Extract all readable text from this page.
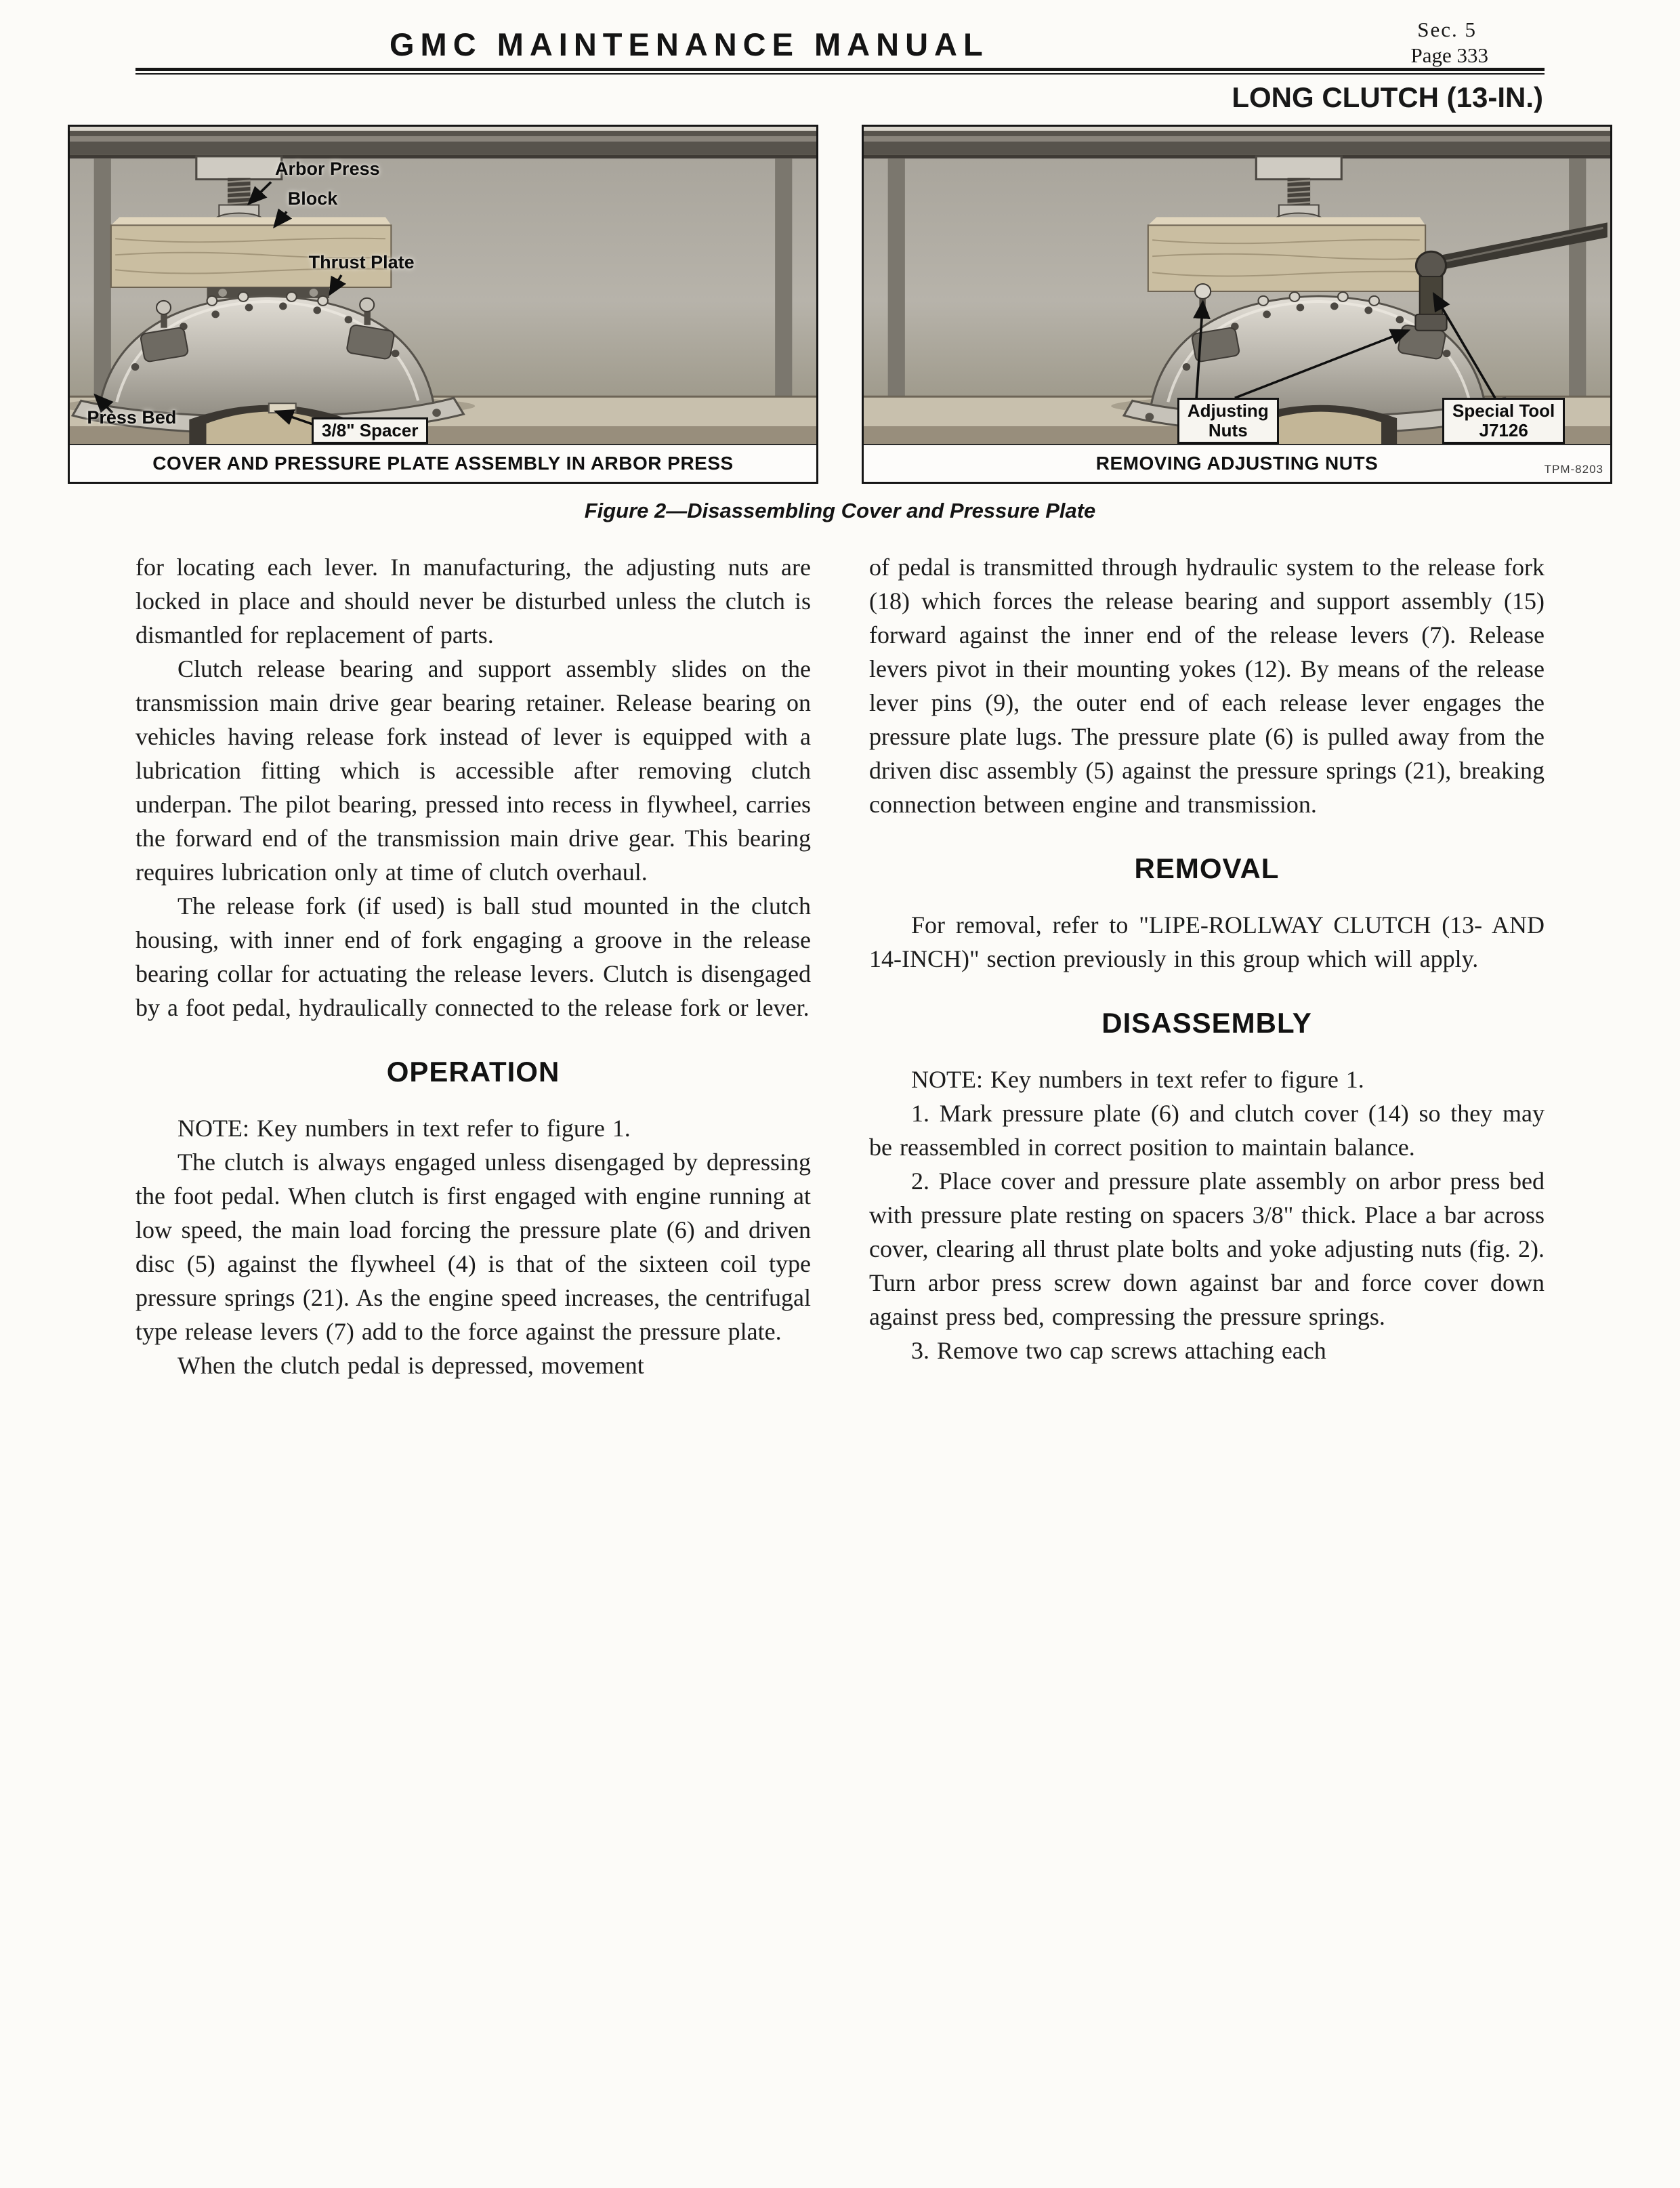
GMC MAINTENANCE MANUAL	Sec. 5
Page 333
LONG CLUTCH (13-IN.)
Arbor Press
Block
Thrust Plate
Press Bed
3/8" Spacer
COVER AND PRESSURE PLATE ASSEMBLY IN ARBOR PRESS
Adjusting
Nuts
Special Tool
J7126
REMOVING ADJUSTING NUTS	TPM-8203
Figure 2—Disassembling Cover and Pressure Plate

for locating each lever. In manufacturing, the adjusting nuts are locked in place and should never be disturbed unless the clutch is dismantled for replacement of parts.

Clutch release bearing and support assembly slides on the transmission main drive gear bearing retainer. Release bearing on vehicles having release fork instead of lever is equipped with a lubrication fitting which is accessible after removing clutch underpan. The pilot bearing, pressed into recess in flywheel, carries the forward end of the transmission main drive gear. This bearing requires lubrication only at time of clutch overhaul.

The release fork (if used) is ball stud mounted in the clutch housing, with inner end of fork engaging a groove in the release bearing collar for actuating the release levers. Clutch is disengaged by a foot pedal, hydraulically connected to the release fork or lever.

OPERATION

NOTE: Key numbers in text refer to figure 1.

The clutch is always engaged unless disengaged by depressing the foot pedal. When clutch is first engaged with engine running at low speed, the main load forcing the pressure plate (6) and driven disc (5) against the flywheel (4) is that of the sixteen coil type pressure springs (21). As the engine speed increases, the centrifugal type release levers (7) add to the force against the pressure plate.

When the clutch pedal is depressed, movement

of pedal is transmitted through hydraulic system to the release fork (18) which forces the release bearing and support assembly (15) forward against the inner end of the release levers (7). Release levers pivot in their mounting yokes (12). By means of the release lever pins (9), the outer end of each release lever engages the pressure plate lugs. The pressure plate (6) is pulled away from the driven disc assembly (5) against the pressure springs (21), breaking connection between engine and transmission.

REMOVAL

For removal, refer to "LIPE-ROLLWAY CLUTCH (13- AND 14-INCH)" section previously in this group which will apply.

DISASSEMBLY

NOTE: Key numbers in text refer to figure 1.

1. Mark pressure plate (6) and clutch cover (14) so they may be reassembled in correct position to maintain balance.

2. Place cover and pressure plate assembly on arbor press bed with pressure plate resting on spacers 3/8" thick. Place a bar across cover, clearing all thrust plate bolts and yoke adjusting nuts (fig. 2). Turn arbor press screw down against bar and force cover down against press bed, compressing the pressure springs.

3. Remove two cap screws attaching each
